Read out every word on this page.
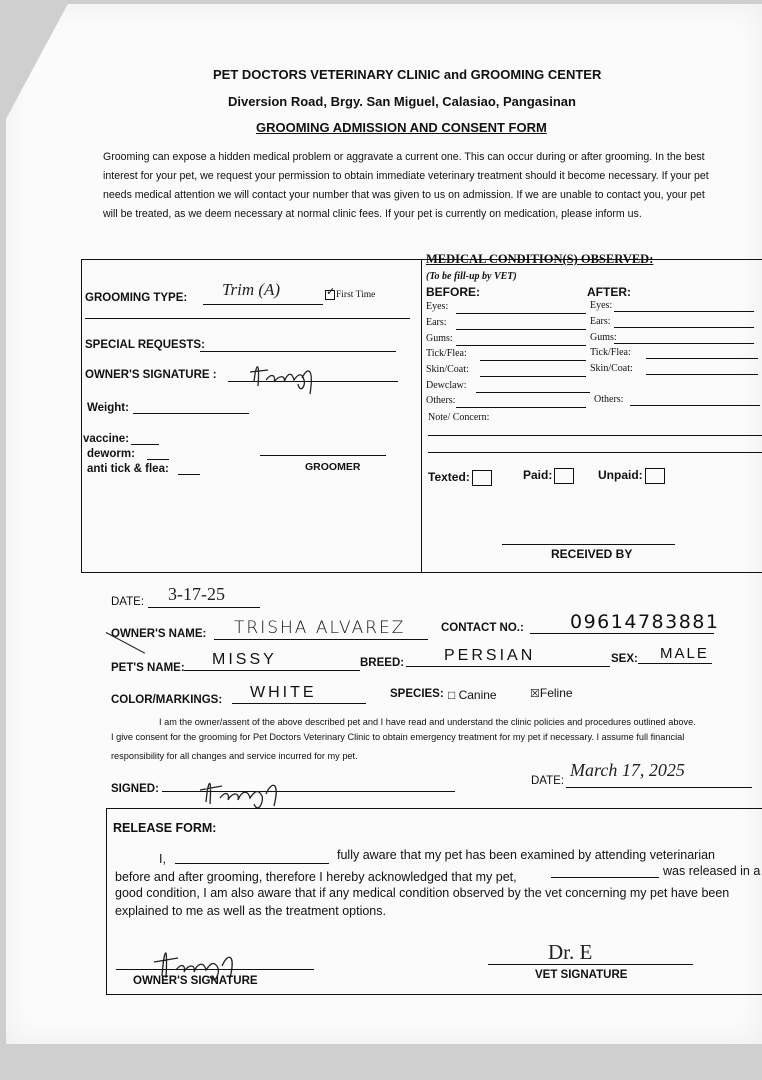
PET DOCTORS VETERINARY CLINIC and GROOMING CENTER
Diversion Road, Brgy. San Miguel, Calasiao, Pangasinan
GROOMING ADMISSION AND CONSENT FORM
Grooming can expose a hidden medical problem or aggravate a current one. This can occur during or after grooming. In the best interest for your pet, we request your permission to obtain immediate veterinary treatment should it become necessary. If your pet needs medical attention we will contact your number that was given to us on admission. If we are unable to contact you, your pet will be treated, as we deem necessary at normal clinic fees. If your pet is currently on medication, please inform us.
GROOMING TYPE: Trim (A)	✓ First Time
SPECIAL REQUESTS:
OWNER'S SIGNATURE :
Weight:
vaccine:
deworm:
anti tick & flea:	GROOMER
MEDICAL CONDITION(S) OBSERVED:
(To be fill-up by VET)
BEFORE:	AFTER:
Eyes:	Eyes:
Ears:	Ears:
Gums:	Gums:
Tick/Flea:	Tick/Flea:
Skin/Coat:	Skin/Coat:
Dewclaw:
Others:	Others:
Note/ Concern:
Texted:	Paid:	Unpaid:
RECEIVED BY
DATE: 3-17-25
OWNER'S NAME: TRISHA ALVAREZ	CONTACT NO.: 09614783881
PET'S NAME: MISSY	BREED: PERSIAN	SEX: MALE
COLOR/MARKINGS: WHITE	SPECIES: □ Canine	☒Feline
I am the owner/assent of the above described pet and I have read and understand the clinic policies and procedures outlined above.
I give consent for the grooming for Pet Doctors Veterinary Clinic to obtain emergency treatment for my pet if necessary. I assume full financial
responsibility for all changes and service incurred for my pet.
SIGNED:
DATE:
March 17, 2025
RELEASE FORM:
I,	fully aware that my pet has been examined by attending veterinarian
before and after grooming, therefore I hereby acknowledged that my pet,	was released in a
good condition, I am also aware that if any medical condition observed by the vet concerning my pet have been
explained to me as well as the treatment options.
OWNER'S SIGNATURE
Dr. E
VET SIGNATURE
